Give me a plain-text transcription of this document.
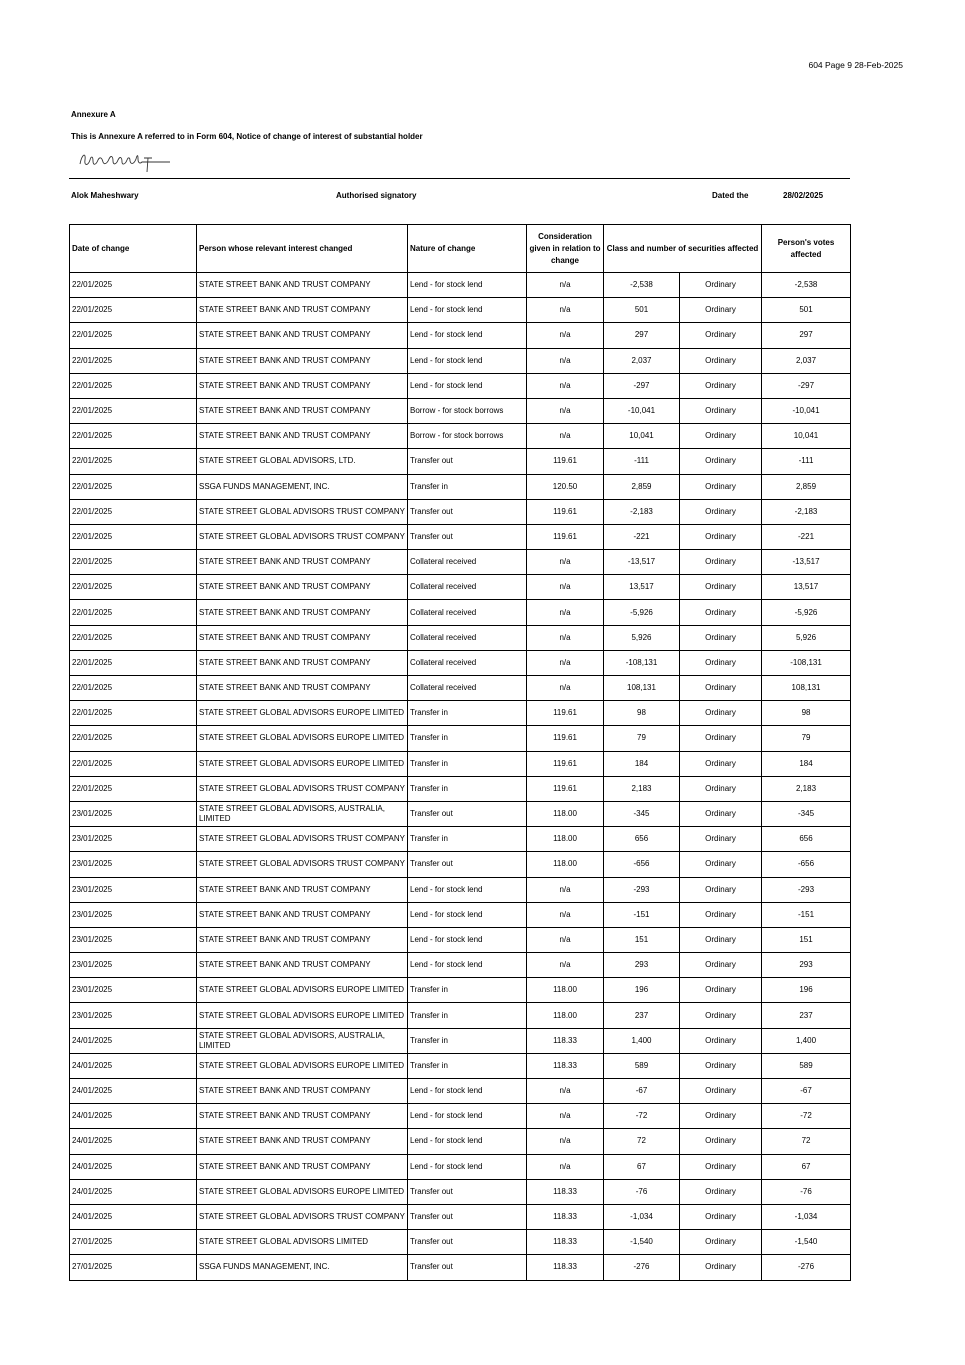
604 Page 9 28-Feb-2025
Annexure A
This is Annexure A referred to in Form 604, Notice of change of interest of substantial holder
Alok Maheshwary	Authorised signatory	Dated the	28/02/2025
Date of change	Person whose relevant interest changed	Nature of change	Consideration given in relation to change	Class and number of securities affected		Person's votes affected
22/01/2025	STATE STREET BANK AND TRUST COMPANY	Lend - for stock lend	n/a	-2,538	Ordinary	-2,538
22/01/2025	STATE STREET BANK AND TRUST COMPANY	Lend - for stock lend	n/a	501	Ordinary	501
22/01/2025	STATE STREET BANK AND TRUST COMPANY	Lend - for stock lend	n/a	297	Ordinary	297
22/01/2025	STATE STREET BANK AND TRUST COMPANY	Lend - for stock lend	n/a	2,037	Ordinary	2,037
22/01/2025	STATE STREET BANK AND TRUST COMPANY	Lend - for stock lend	n/a	-297	Ordinary	-297
22/01/2025	STATE STREET BANK AND TRUST COMPANY	Borrow - for stock borrows	n/a	-10,041	Ordinary	-10,041
22/01/2025	STATE STREET BANK AND TRUST COMPANY	Borrow - for stock borrows	n/a	10,041	Ordinary	10,041
22/01/2025	STATE STREET GLOBAL ADVISORS, LTD.	Transfer out	119.61	-111	Ordinary	-111
22/01/2025	SSGA FUNDS MANAGEMENT, INC.	Transfer in	120.50	2,859	Ordinary	2,859
22/01/2025	STATE STREET GLOBAL ADVISORS TRUST COMPANY	Transfer out	119.61	-2,183	Ordinary	-2,183
22/01/2025	STATE STREET GLOBAL ADVISORS TRUST COMPANY	Transfer out	119.61	-221	Ordinary	-221
22/01/2025	STATE STREET BANK AND TRUST COMPANY	Collateral received	n/a	-13,517	Ordinary	-13,517
22/01/2025	STATE STREET BANK AND TRUST COMPANY	Collateral received	n/a	13,517	Ordinary	13,517
22/01/2025	STATE STREET BANK AND TRUST COMPANY	Collateral received	n/a	-5,926	Ordinary	-5,926
22/01/2025	STATE STREET BANK AND TRUST COMPANY	Collateral received	n/a	5,926	Ordinary	5,926
22/01/2025	STATE STREET BANK AND TRUST COMPANY	Collateral received	n/a	-108,131	Ordinary	-108,131
22/01/2025	STATE STREET BANK AND TRUST COMPANY	Collateral received	n/a	108,131	Ordinary	108,131
22/01/2025	STATE STREET GLOBAL ADVISORS EUROPE LIMITED	Transfer in	119.61	98	Ordinary	98
22/01/2025	STATE STREET GLOBAL ADVISORS EUROPE LIMITED	Transfer in	119.61	79	Ordinary	79
22/01/2025	STATE STREET GLOBAL ADVISORS EUROPE LIMITED	Transfer in	119.61	184	Ordinary	184
22/01/2025	STATE STREET GLOBAL ADVISORS TRUST COMPANY	Transfer in	119.61	2,183	Ordinary	2,183
23/01/2025	STATE STREET GLOBAL ADVISORS, AUSTRALIA, LIMITED	Transfer out	118.00	-345	Ordinary	-345
23/01/2025	STATE STREET GLOBAL ADVISORS TRUST COMPANY	Transfer in	118.00	656	Ordinary	656
23/01/2025	STATE STREET GLOBAL ADVISORS TRUST COMPANY	Transfer out	118.00	-656	Ordinary	-656
23/01/2025	STATE STREET BANK AND TRUST COMPANY	Lend - for stock lend	n/a	-293	Ordinary	-293
23/01/2025	STATE STREET BANK AND TRUST COMPANY	Lend - for stock lend	n/a	-151	Ordinary	-151
23/01/2025	STATE STREET BANK AND TRUST COMPANY	Lend - for stock lend	n/a	151	Ordinary	151
23/01/2025	STATE STREET BANK AND TRUST COMPANY	Lend - for stock lend	n/a	293	Ordinary	293
23/01/2025	STATE STREET GLOBAL ADVISORS EUROPE LIMITED	Transfer in	118.00	196	Ordinary	196
23/01/2025	STATE STREET GLOBAL ADVISORS EUROPE LIMITED	Transfer in	118.00	237	Ordinary	237
24/01/2025	STATE STREET GLOBAL ADVISORS, AUSTRALIA, LIMITED	Transfer in	118.33	1,400	Ordinary	1,400
24/01/2025	STATE STREET GLOBAL ADVISORS EUROPE LIMITED	Transfer in	118.33	589	Ordinary	589
24/01/2025	STATE STREET BANK AND TRUST COMPANY	Lend - for stock lend	n/a	-67	Ordinary	-67
24/01/2025	STATE STREET BANK AND TRUST COMPANY	Lend - for stock lend	n/a	-72	Ordinary	-72
24/01/2025	STATE STREET BANK AND TRUST COMPANY	Lend - for stock lend	n/a	72	Ordinary	72
24/01/2025	STATE STREET BANK AND TRUST COMPANY	Lend - for stock lend	n/a	67	Ordinary	67
24/01/2025	STATE STREET GLOBAL ADVISORS EUROPE LIMITED	Transfer out	118.33	-76	Ordinary	-76
24/01/2025	STATE STREET GLOBAL ADVISORS TRUST COMPANY	Transfer out	118.33	-1,034	Ordinary	-1,034
27/01/2025	STATE STREET GLOBAL ADVISORS LIMITED	Transfer out	118.33	-1,540	Ordinary	-1,540
27/01/2025	SSGA FUNDS MANAGEMENT, INC.	Transfer out	118.33	-276	Ordinary	-276
